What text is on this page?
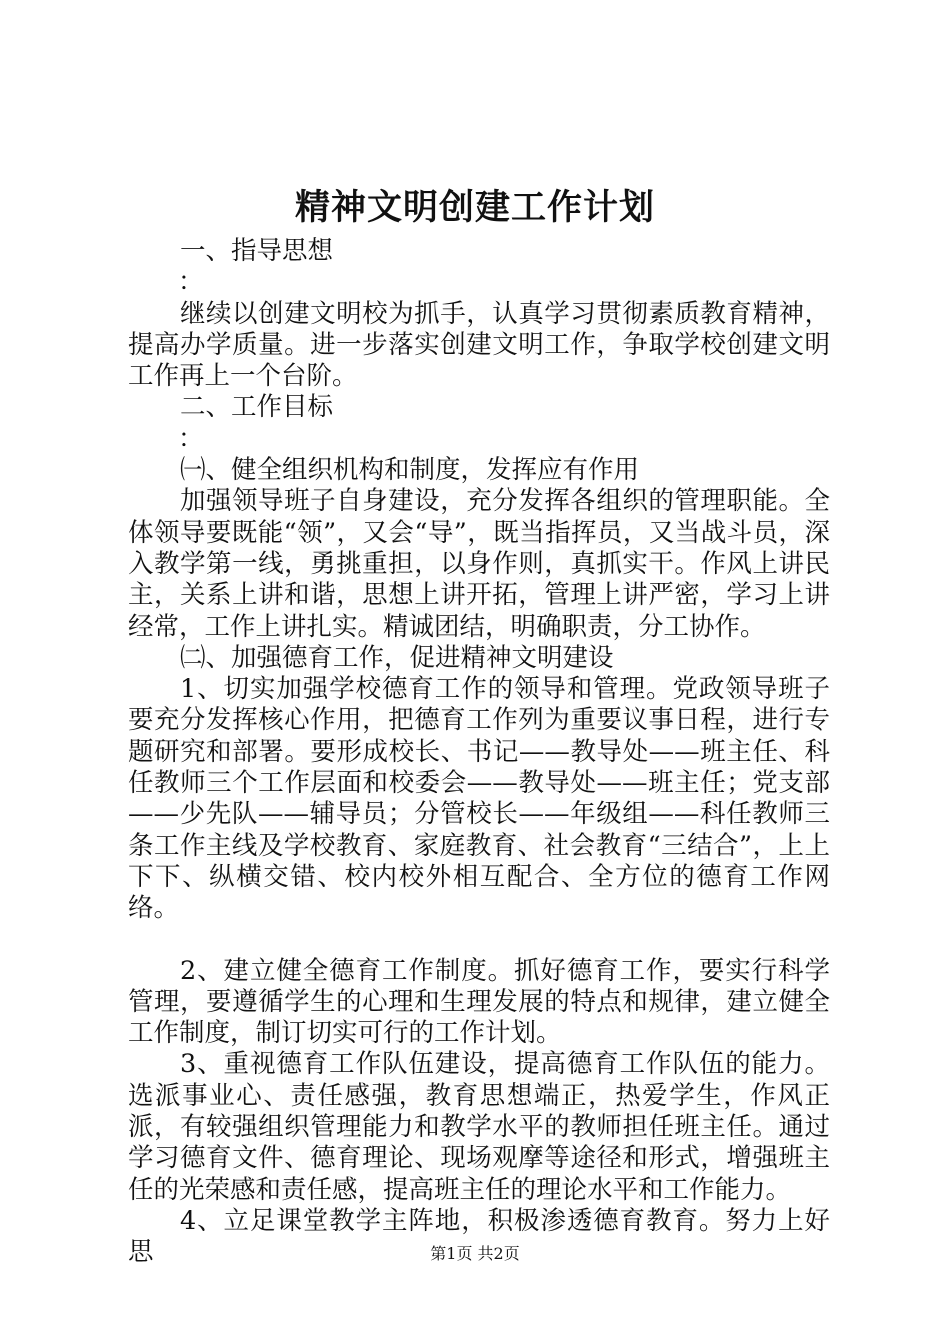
精神文明创建工作计划

一、指导思想

：

继续以创建文明校为抓手，认真学习贯彻素质教育精神，提高办学质量。进一步落实创建文明工作，争取学校创建文明工作再上一个台阶。

二、工作目标

：

㈠、健全组织机构和制度，发挥应有作用

加强领导班子自身建设，充分发挥各组织的管理职能。全体领导要既能“领”，又会“导”，既当指挥员，又当战斗员，深入教学第一线，勇挑重担，以身作则，真抓实干。作风上讲民主，关系上讲和谐，思想上讲开拓，管理上讲严密，学习上讲经常，工作上讲扎实。精诚团结，明确职责，分工协作。

㈡、加强德育工作，促进精神文明建设

1、切实加强学校德育工作的领导和管理。党政领导班子要充分发挥核心作用，把德育工作列为重要议事日程，进行专题研究和部署。要形成校长、书记——教导处——班主任、科任教师三个工作层面和校委会——教导处——班主任；党支部——少先队——辅导员；分管校长——年级组——科任教师三条工作主线及学校教育、家庭教育、社会教育“三结合”，上上下下、纵横交错、校内校外相互配合、全方位的德育工作网络。

2、建立健全德育工作制度。抓好德育工作，要实行科学管理，要遵循学生的心理和生理发展的特点和规律，建立健全工作制度，制订切实可行的工作计划。

3、重视德育工作队伍建设，提高德育工作队伍的能力。选派事业心、责任感强，教育思想端正，热爱学生，作风正派，有较强组织管理能力和教学水平的教师担任班主任。通过学习德育文件、德育理论、现场观摩等途径和形式，增强班主任的光荣感和责任感，提高班主任的理论水平和工作能力。

4、立足课堂教学主阵地，积极渗透德育教育。努力上好思	第1页 共2页
